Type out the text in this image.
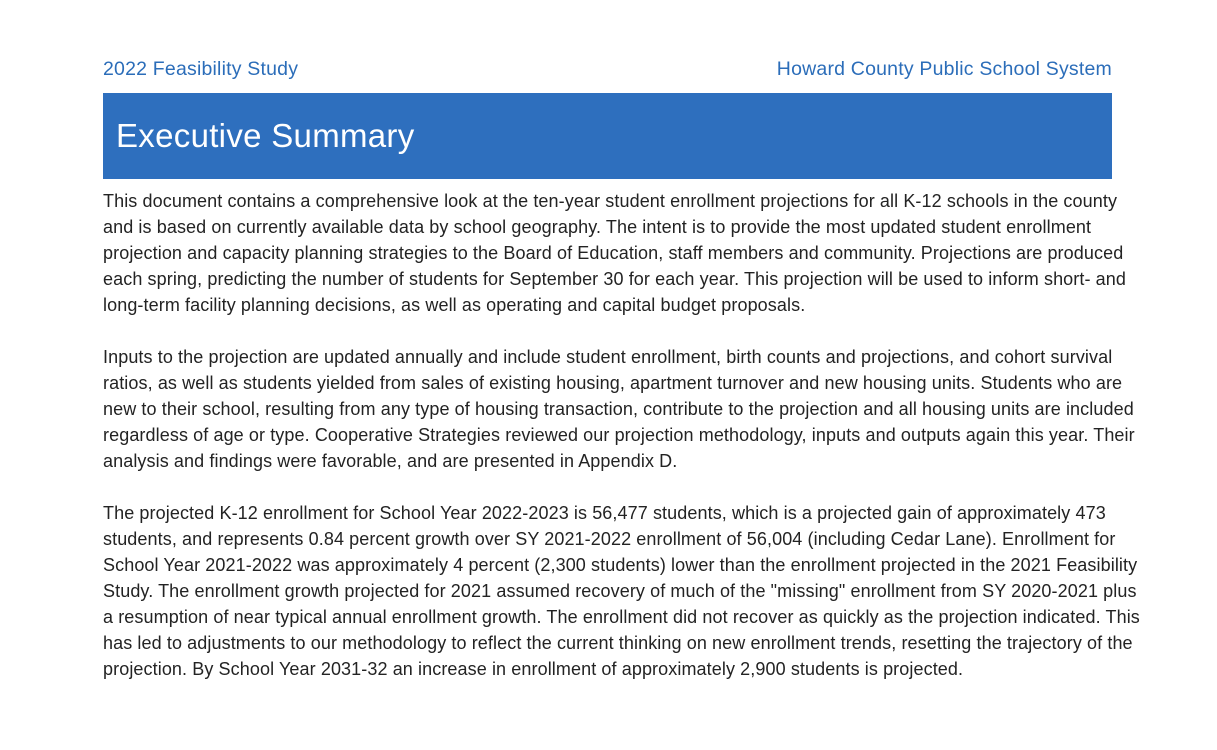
2022 Feasibility Study	Howard County Public School System
Executive Summary

This document contains a comprehensive look at the ten-year student enrollment projections for all K-12 schools in the county and is based on currently available data by school geography. The intent is to provide the most updated student enrollment projection and capacity planning strategies to the Board of Education, staff members and community. Projections are produced each spring, predicting the number of students for September 30 for each year. This projection will be used to inform short- and long-term facility planning decisions, as well as operating and capital budget proposals.

Inputs to the projection are updated annually and include student enrollment, birth counts and projections, and cohort survival ratios, as well as students yielded from sales of existing housing, apartment turnover and new housing units. Students who are new to their school, resulting from any type of housing transaction, contribute to the projection and all housing units are included regardless of age or type. Cooperative Strategies reviewed our projection methodology, inputs and outputs again this year. Their analysis and findings were favorable, and are presented in Appendix D.

The projected K-12 enrollment for School Year 2022-2023 is 56,477 students, which is a projected gain of approximately 473 students, and represents 0.84 percent growth over SY 2021-2022 enrollment of 56,004 (including Cedar Lane). Enrollment for School Year 2021-2022 was approximately 4 percent (2,300 students) lower than the enrollment projected in the 2021 Feasibility Study. The enrollment growth projected for 2021 assumed recovery of much of the "missing" enrollment from SY 2020-2021 plus a resumption of near typical annual enrollment growth. The enrollment did not recover as quickly as the projection indicated. This has led to adjustments to our methodology to reflect the current thinking on new enrollment trends, resetting the trajectory of the projection. By School Year 2031-32 an increase in enrollment of approximately 2,900 students is projected.
